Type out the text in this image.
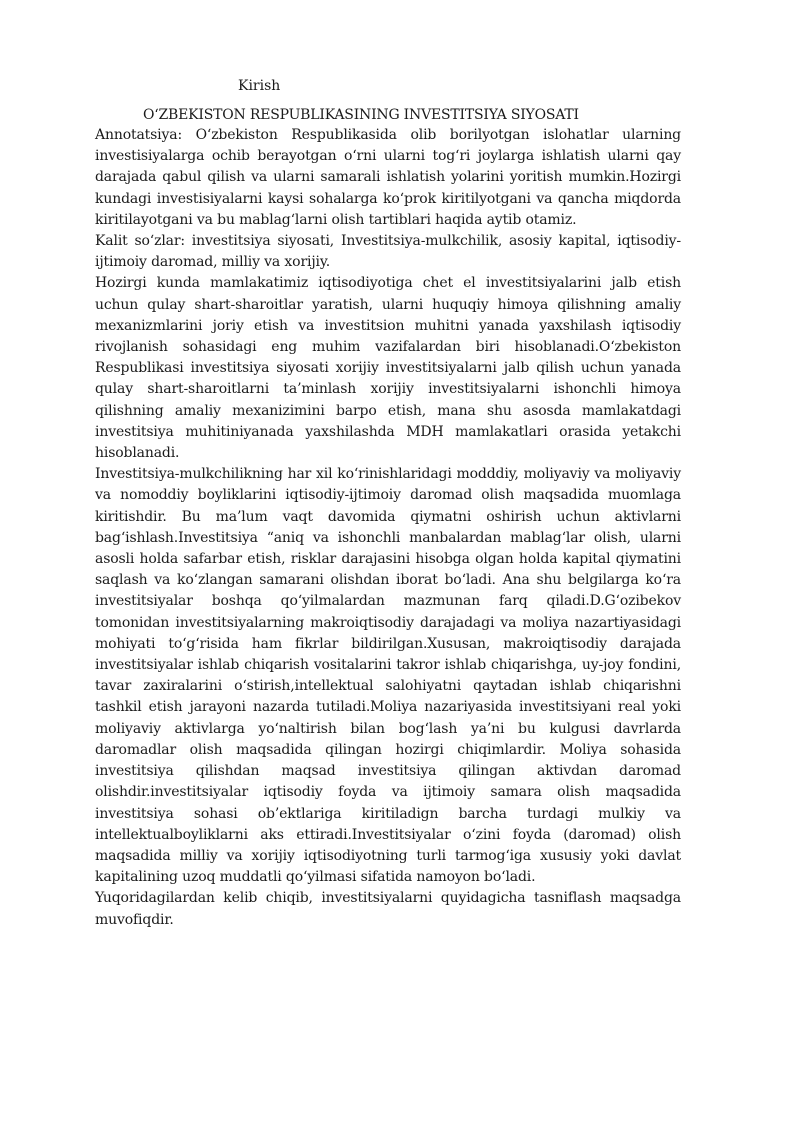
Kirish
O‘ZBEKISTON RESPUBLIKASINING INVESTITSIYA SIYOSATI

Annotatsiya: O‘zbekiston Respublikasida olib borilyotgan islohatlar ularning investisiyalarga ochib berayotgan o‘rni ularni tog‘ri joylarga ishlatish ularni qay darajada qabul qilish va ularni samarali ishlatish yolarini yoritish mumkin.Hozirgi kundagi investisiyalarni kaysi sohalarga ko‘prok kiritilyotgani va qancha miqdorda kiritilayotgani va bu mablag‘larni olish tartiblari haqida aytib otamiz.

Kalit so‘zlar: investitsiya siyosati, Investitsiya-mulkchilik, asosiy kapital, iqtisodiy-ijtimoiy daromad, milliy va xorijiy.

Hozirgi kunda mamlakatimiz iqtisodiyotiga chet el investitsiyalarini jalb etish uchun qulay shart-sharoitlar yaratish, ularni huquqiy himoya qilishning amaliy mexanizmlarini joriy etish va investitsion muhitni yanada yaxshilash iqtisodiy rivojlanish sohasidagi eng muhim vazifalardan biri hisoblanadi.O‘zbekiston Respublikasi investitsiya siyosati xorijiy investitsiyalarni jalb qilish uchun yanada qulay shart-sharoitlarni ta’minlash xorijiy investitsiyalarni ishonchli himoya qilishning amaliy mexanizimini barpo etish, mana shu asosda mamlakatdagi investitsiya muhitiniyanada yaxshilashda MDH mamlakatlari orasida yetakchi hisoblanadi.

Investitsiya-mulkchilikning har xil ko‘rinishlaridagi modddiy, moliyaviy va moliyaviy va nomoddiy boyliklarini iqtisodiy-ijtimoiy daromad olish maqsadida muomlaga kiritishdir. Bu ma’lum vaqt davomida qiymatni oshirish uchun aktivlarni bag‘ishlash.Investitsiya “aniq va ishonchli manbalardan mablag‘lar olish, ularni asosli holda safarbar etish, risklar darajasini hisobga olgan holda kapital qiymatini saqlash va ko‘zlangan samarani olishdan iborat bo‘ladi. Ana shu belgilarga ko‘ra investitsiyalar boshqa qo‘yilmalardan mazmunan farq qiladi.D.G‘ozibekov tomonidan investitsiyalarning makroiqtisodiy darajadagi va moliya nazartiyasidagi mohiyati to‘g‘risida ham fikrlar bildirilgan.Xususan, makroiqtisodiy darajada investitsiyalar ishlab chiqarish vositalarini takror ishlab chiqarishga, uy-joy fondini, tavar zaxiralarini o‘stirish,intellektual salohiyatni qaytadan ishlab chiqarishni tashkil etish jarayoni nazarda tutiladi.Moliya nazariyasida investitsiyani real yoki moliyaviy aktivlarga yo‘naltirish bilan bog‘lash ya’ni bu kulgusi davrlarda daromadlar olish maqsadida qilingan hozirgi chiqimlardir. Moliya sohasida investitsiya qilishdan maqsad investitsiya qilingan aktivdan daromad olishdir.investitsiyalar iqtisodiy foyda va ijtimoiy samara olish maqsadida investitsiya sohasi ob’ektlariga kiritiladign barcha turdagi mulkiy va intellektualboyliklarni aks ettiradi.Investitsiyalar o‘zini foyda (daromad) olish maqsadida milliy va xorijiy iqtisodiyotning turli tarmog‘iga xususiy yoki davlat kapitalining uzoq muddatli qo‘yilmasi sifatida namoyon bo‘ladi.

Yuqoridagilardan kelib chiqib, investitsiyalarni quyidagicha tasniflash maqsadga muvofiqdir.
